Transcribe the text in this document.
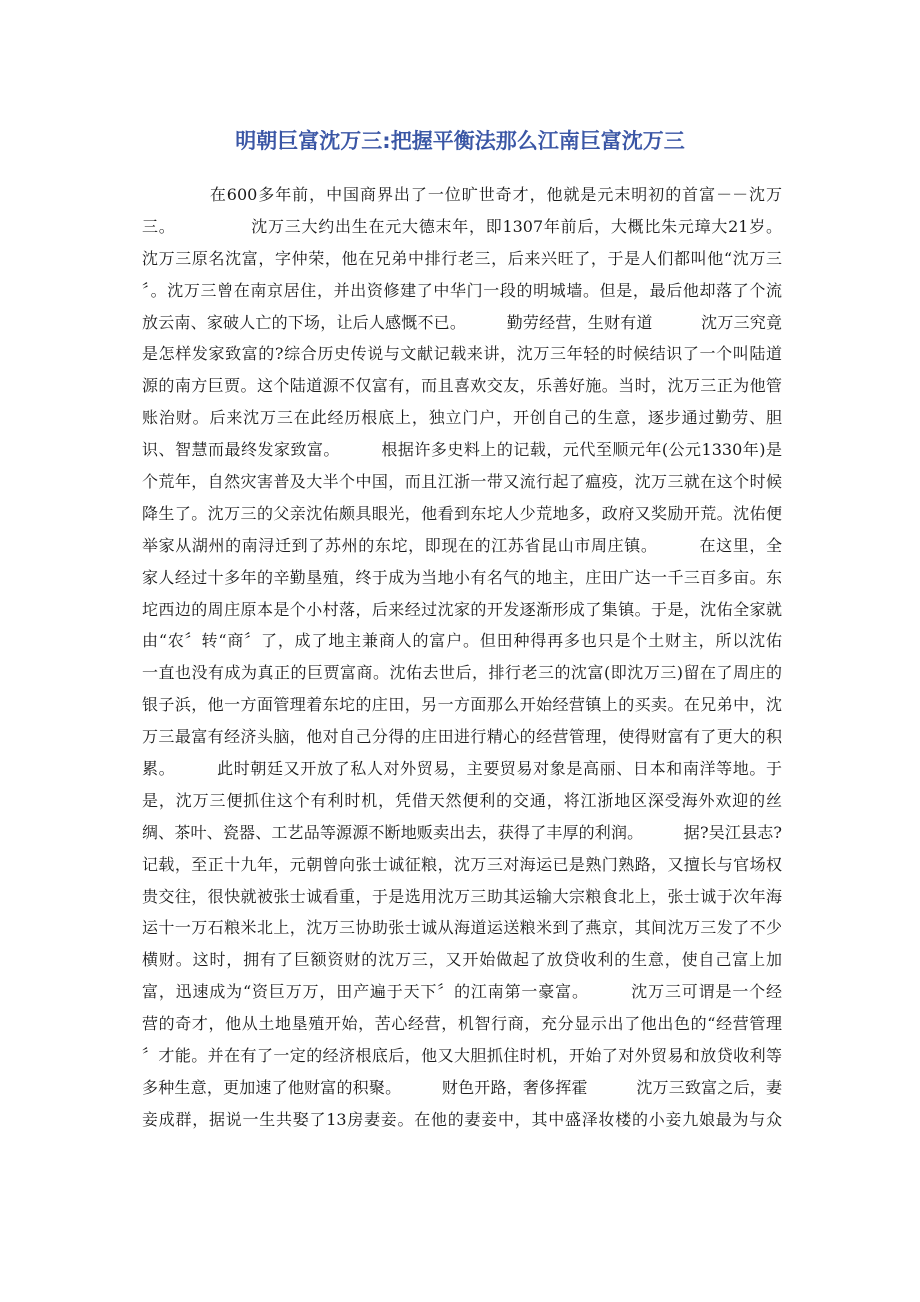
明朝巨富沈万三:把握平衡法那么江南巨富沈万三
　　　　在600多年前，中国商界出了一位旷世奇才，他就是元末明初的首富－－沈万
三。　　　　　沈万三大约出生在元大德末年，即1307年前后，大概比朱元璋大21岁。
沈万三原名沈富，字仲荣，他在兄弟中排行老三，后来兴旺了，于是人们都叫他“沈万三
〞。沈万三曾在南京居住，并出资修建了中华门一段的明城墙。但是，最后他却落了个流
放云南、家破人亡的下场，让后人感慨不已。　　　勤劳经营，生财有道　　　沈万三究竟
是怎样发家致富的?综合历史传说与文献记载来讲，沈万三年轻的时候结识了一个叫陆道
源的南方巨贾。这个陆道源不仅富有，而且喜欢交友，乐善好施。当时，沈万三正为他管
账治财。后来沈万三在此经历根底上，独立门户，开创自己的生意，逐步通过勤劳、胆
识、智慧而最终发家致富。　　　根据许多史料上的记载，元代至顺元年(公元1330年)是
个荒年，自然灾害普及大半个中国，而且江浙一带又流行起了瘟疫，沈万三就在这个时候
降生了。沈万三的父亲沈佑颇具眼光，他看到东坨人少荒地多，政府又奖励开荒。沈佑便
举家从湖州的南浔迁到了苏州的东坨，即现在的江苏省昆山市周庄镇。　　　在这里，全
家人经过十多年的辛勤垦殖，终于成为当地小有名气的地主，庄田广达一千三百多亩。东
坨西边的周庄原本是个小村落，后来经过沈家的开发逐渐形成了集镇。于是，沈佑全家就
由“农〞转“商〞了，成了地主兼商人的富户。但田种得再多也只是个土财主，所以沈佑
一直也没有成为真正的巨贾富商。沈佑去世后，排行老三的沈富(即沈万三)留在了周庄的
银子浜，他一方面管理着东坨的庄田，另一方面那么开始经营镇上的买卖。在兄弟中，沈
万三最富有经济头脑，他对自己分得的庄田进行精心的经营管理，使得财富有了更大的积
累。　　　此时朝廷又开放了私人对外贸易，主要贸易对象是高丽、日本和南洋等地。于
是，沈万三便抓住这个有利时机，凭借天然便利的交通，将江浙地区深受海外欢迎的丝
绸、茶叶、瓷器、工艺品等源源不断地贩卖出去，获得了丰厚的利润。　　　据?吴江县志?
记载，至正十九年，元朝曾向张士诚征粮，沈万三对海运已是熟门熟路，又擅长与官场权
贵交往，很快就被张士诚看重，于是选用沈万三助其运输大宗粮食北上，张士诚于次年海
运十一万石粮米北上，沈万三协助张士诚从海道运送粮米到了燕京，其间沈万三发了不少
横财。这时，拥有了巨额资财的沈万三，又开始做起了放贷收利的生意，使自己富上加
富，迅速成为“资巨万万，田产遍于天下〞的江南第一豪富。　　　沈万三可谓是一个经
营的奇才，他从土地垦殖开始，苦心经营，机智行商，充分显示出了他出色的“经营管理
〞才能。并在有了一定的经济根底后，他又大胆抓住时机，开始了对外贸易和放贷收利等
多种生意，更加速了他财富的积聚。　　　财色开路，奢侈挥霍　　　沈万三致富之后，妻
妾成群，据说一生共娶了13房妻妾。在他的妻妾中，其中盛泽妆楼的小妾九娘最为与众
